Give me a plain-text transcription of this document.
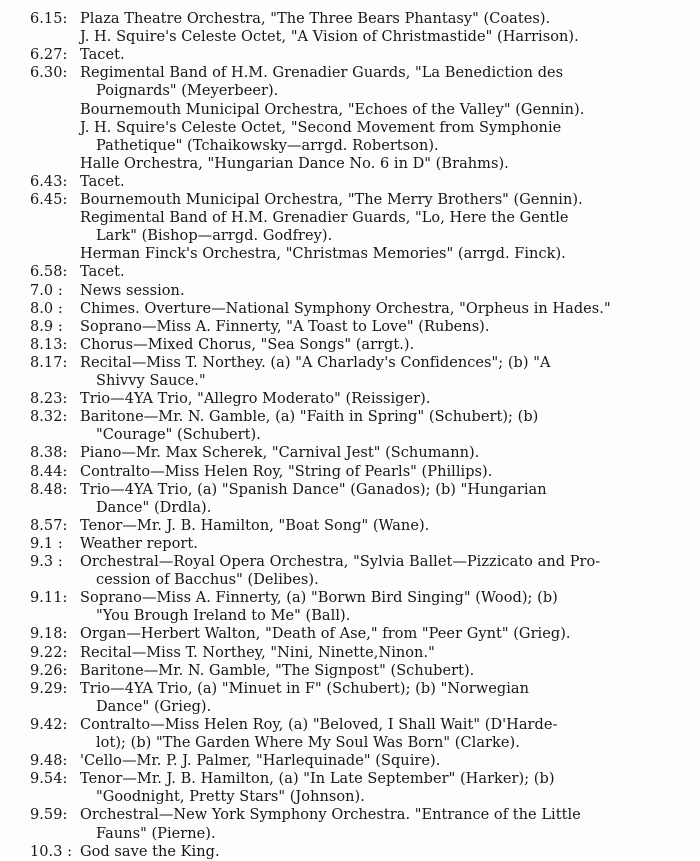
6.15: Plaza Theatre Orchestra, "The Three Bears Phantasy" (Coates).
J. H. Squire's Celeste Octet, "A Vision of Christmastide" (Harrison).
6.27: Tacet.
6.30: Regimental Band of H.M. Grenadier Guards, "La Benediction des
Poignards" (Meyerbeer).
Bournemouth Municipal Orchestra, "Echoes of the Valley" (Gennin).
J. H. Squire's Celeste Octet, "Second Movement from Symphonie
Pathetique" (Tchaikowsky—arrgd. Robertson).
Halle Orchestra, "Hungarian Dance No. 6 in D" (Brahms).
6.43: Tacet.
6.45: Bournemouth Municipal Orchestra, "The Merry Brothers" (Gennin).
Regimental Band of H.M. Grenadier Guards, "Lo, Here the Gentle
Lark" (Bishop—arrgd. Godfrey).
Herman Finck's Orchestra, "Christmas Memories" (arrgd. Finck).
6.58: Tacet.
7.0 : News session.
8.0 : Chimes. Overture—National Symphony Orchestra, "Orpheus in Hades."
8.9 : Soprano—Miss A. Finnerty, "A Toast to Love" (Rubens).
8.13: Chorus—Mixed Chorus, "Sea Songs" (arrgt.).
8.17: Recital—Miss T. Northey. (a) "A Charlady's Confidences"; (b) "A
Shivvy Sauce."
8.23: Trio—4YA Trio, "Allegro Moderato" (Reissiger).
8.32: Baritone—Mr. N. Gamble, (a) "Faith in Spring" (Schubert); (b)
"Courage" (Schubert).
8.38: Piano—Mr. Max Scherek, "Carnival Jest" (Schumann).
8.44: Contralto—Miss Helen Roy, "String of Pearls" (Phillips).
8.48: Trio—4YA Trio, (a) "Spanish Dance" (Ganados); (b) "Hungarian
Dance" (Drdla).
8.57: Tenor—Mr. J. B. Hamilton, "Boat Song" (Wane).
9.1 : Weather report.
9.3 : Orchestral—Royal Opera Orchestra, "Sylvia Ballet—Pizzicato and Pro-
cession of Bacchus" (Delibes).
9.11: Soprano—Miss A. Finnerty, (a) "Borwn Bird Singing" (Wood); (b)
"You Brough Ireland to Me" (Ball).
9.18: Organ—Herbert Walton, "Death of Ase," from "Peer Gynt" (Grieg).
9.22: Recital—Miss T. Northey, "Nini, Ninette,Ninon."
9.26: Baritone—Mr. N. Gamble, "The Signpost" (Schubert).
9.29: Trio—4YA Trio, (a) "Minuet in F" (Schubert); (b) "Norwegian
Dance" (Grieg).
9.42: Contralto—Miss Helen Roy, (a) "Beloved, I Shall Wait" (D'Harde-
lot); (b) "The Garden Where My Soul Was Born" (Clarke).
9.48: 'Cello—Mr. P. J. Palmer, "Harlequinade" (Squire).
9.54: Tenor—Mr. J. B. Hamilton, (a) "In Late September" (Harker); (b)
"Goodnight, Pretty Stars" (Johnson).
9.59: Orchestral—New York Symphony Orchestra. "Entrance of the Little
Fauns" (Pierne).
10.3 : God save the King.
